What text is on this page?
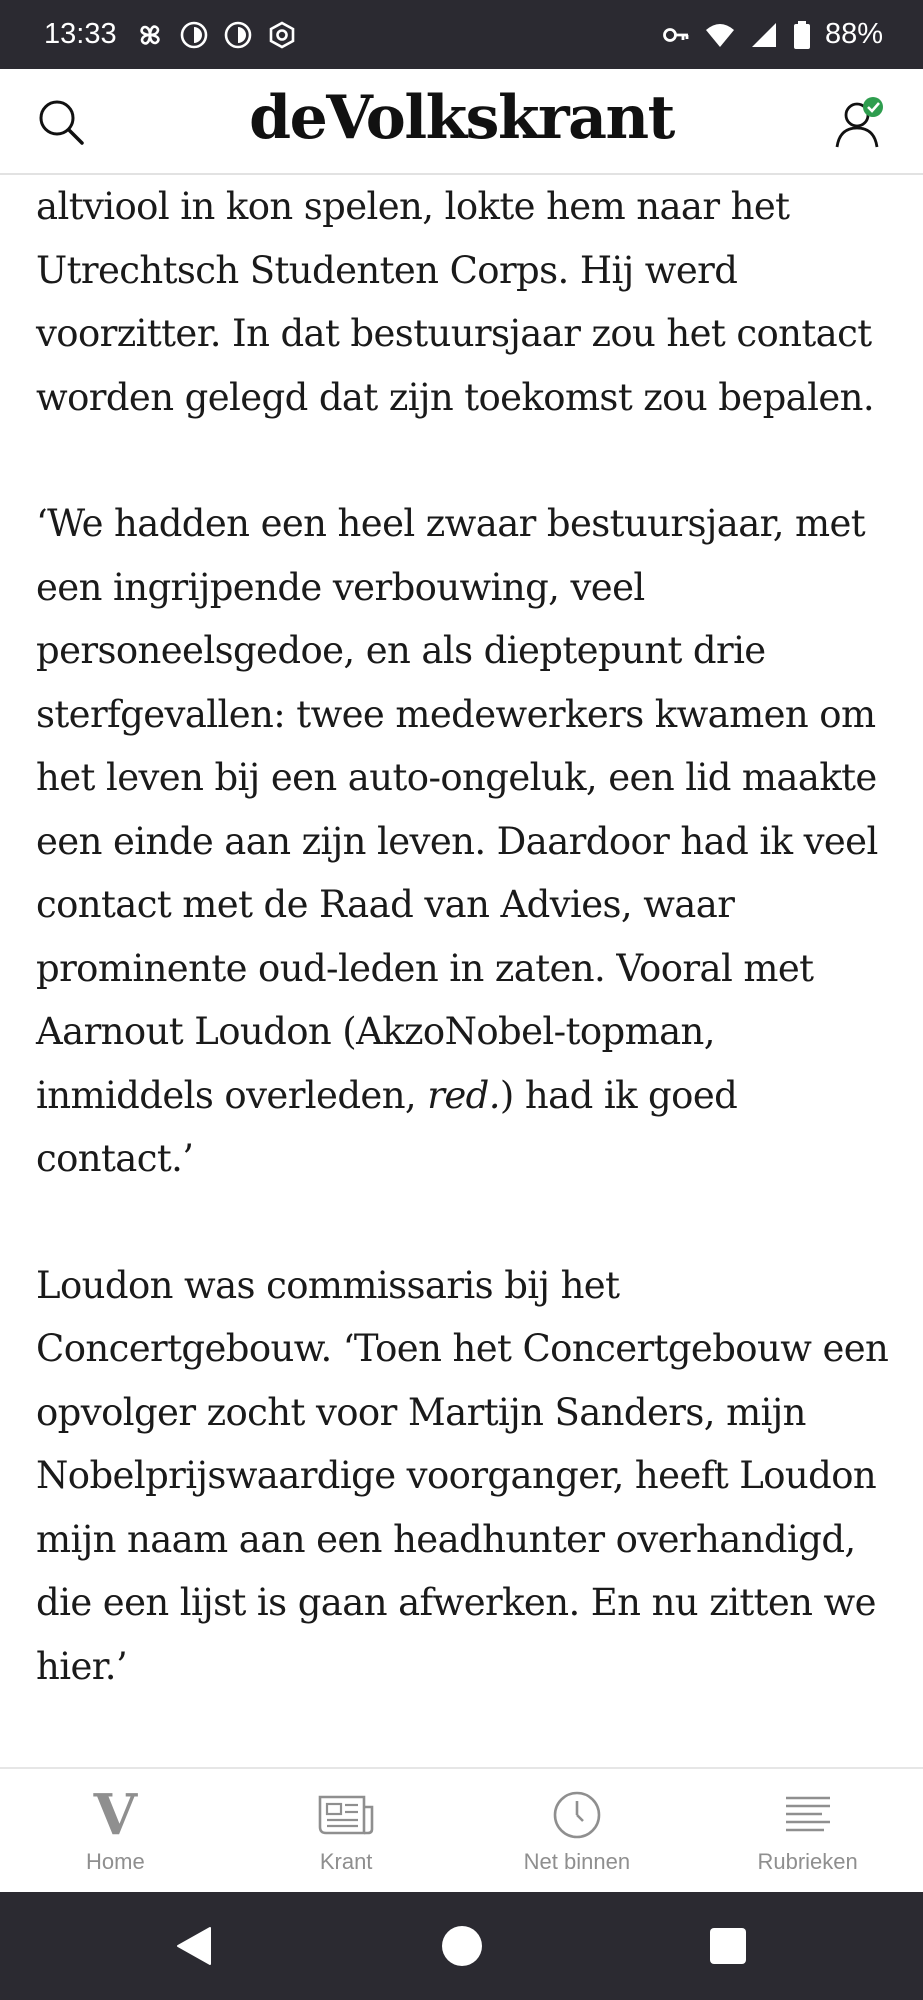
13:33	88%
deVolkskrant

altviool in kon spelen, lokte hem naar het Utrechtsch Studenten Corps. Hij werd voorzitter. In dat bestuursjaar zou het contact worden gelegd dat zijn toekomst zou bepalen.

‘We hadden een heel zwaar bestuursjaar, met een ingrijpende verbouwing, veel personeelsgedoe, en als dieptepunt drie sterfgevallen: twee medewerkers kwamen om het leven bij een auto-ongeluk, een lid maakte een einde aan zijn leven. Daardoor had ik veel contact met de Raad van Advies, waar prominente oud-leden in zaten. Vooral met Aarnout Loudon (AkzoNobel-topman, inmiddels overleden, red.) had ik goed contact.’

Loudon was commissaris bij het Concertgebouw. ‘Toen het Concertgebouw een opvolger zocht voor Martijn Sanders, mijn Nobelprijswaardige voorganger, heeft Loudon mijn naam aan een headhunter overhandigd, die een lijst is gaan afwerken. En nu zitten we hier.’

V
Home	Krant	Net binnen	Rubrieken
